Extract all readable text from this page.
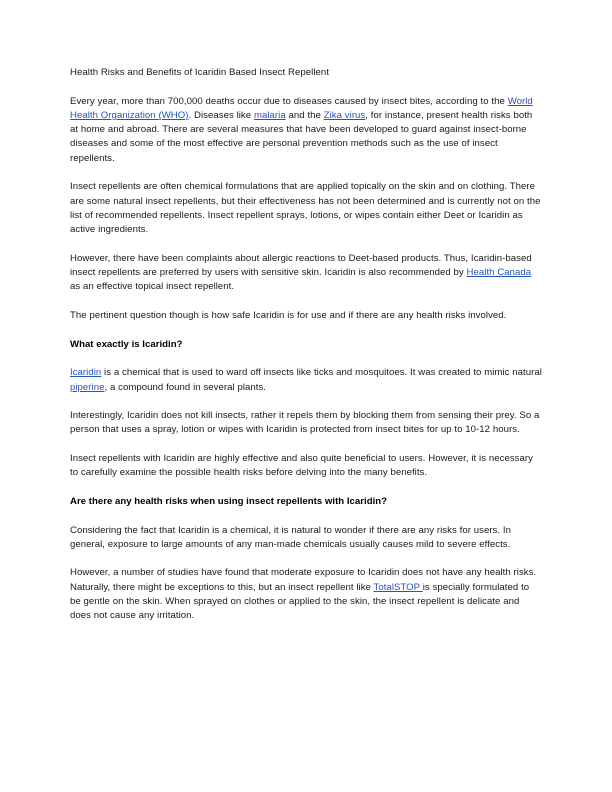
Health Risks and Benefits of Icaridin Based Insect Repellent

Every year, more than 700,000 deaths occur due to diseases caused by insect bites, according to the World Health Organization (WHO). Diseases like malaria and the Zika virus, for instance, present health risks both at home and abroad. There are several measures that have been developed to guard against insect-borne diseases and some of the most effective are personal prevention methods such as the use of insect repellents.

Insect repellents are often chemical formulations that are applied topically on the skin and on clothing. There are some natural insect repellents, but their effectiveness has not been determined and is currently not on the list of recommended repellents. Insect repellent sprays, lotions, or wipes contain either Deet or Icaridin as active ingredients.

However, there have been complaints about allergic reactions to Deet-based products. Thus, Icaridin-based insect repellents are preferred by users with sensitive skin. Icaridin is also recommended by Health Canada as an effective topical insect repellent.

The pertinent question though is how safe Icaridin is for use and if there are any health risks involved.

What exactly is Icaridin?

Icaridin is a chemical that is used to ward off insects like ticks and mosquitoes. It was created to mimic natural piperine, a compound found in several plants.

Interestingly, Icaridin does not kill insects, rather it repels them by blocking them from sensing their prey. So a person that uses a spray, lotion or wipes with Icaridin is protected from insect bites for up to 10-12 hours.

Insect repellents with Icaridin are highly effective and also quite beneficial to users. However, it is necessary to carefully examine the possible health risks before delving into the many benefits.

Are there any health risks when using insect repellents with Icaridin?

Considering the fact that Icaridin is a chemical, it is natural to wonder if there are any risks for users. In general, exposure to large amounts of any man-made chemicals usually causes mild to severe effects.

However, a number of studies have found that moderate exposure to Icaridin does not have any health risks. Naturally, there might be exceptions to this, but an insect repellent like TotalSTOP is specially formulated to be gentle on the skin. When sprayed on clothes or applied to the skin, the insect repellent is delicate and does not cause any irritation.
